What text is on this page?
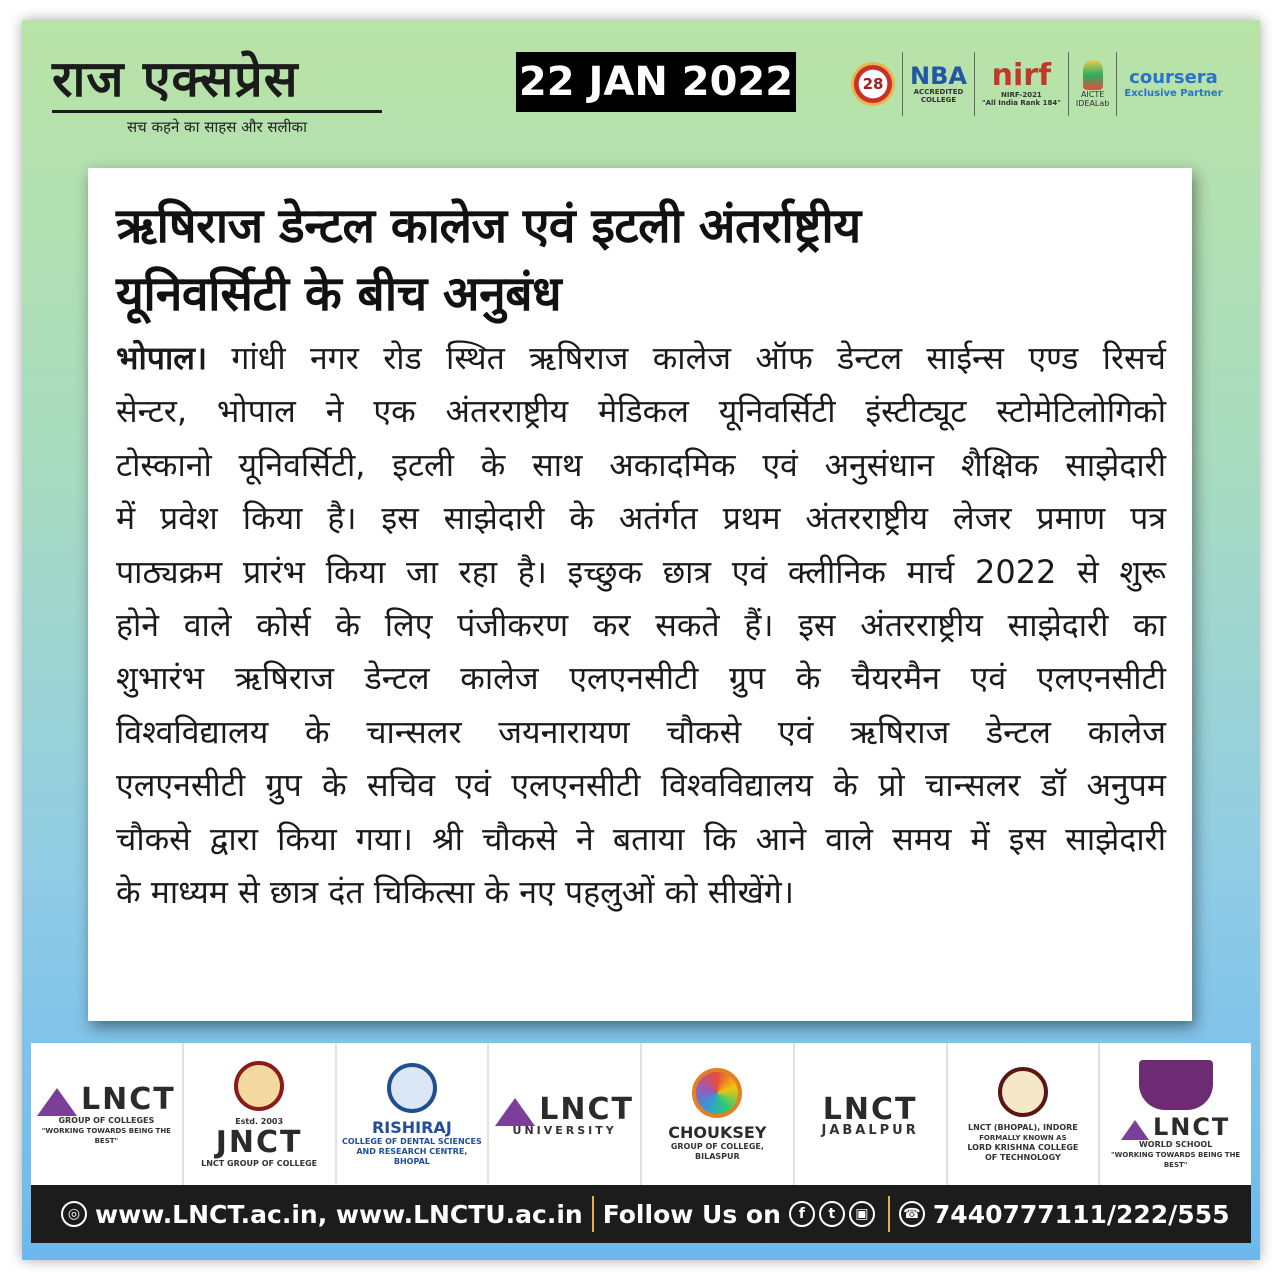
राज एक्सप्रेस
सच कहने का साहस और सलीका
22 JAN 2022	28	NBA
ACCREDITED
COLLEGE
nirf
NIRF-2021
"All India Rank 184"
AICTE
IDEALab
coursera
Exclusive Partner
ऋषिराज डेन्टल कालेज एवं इटली अंतर्राष्ट्रीय
यूनिवर्सिटी के बीच अनुबंध
भोपाल। गांधी नगर रोड स्थित ऋषिराज कालेज ऑफ डेन्टल साईन्स एण्ड रिसर्च
सेन्टर, भोपाल ने एक अंतरराष्ट्रीय मेडिकल यूनिवर्सिटी इंस्टीट्यूट स्टोमेटिलोगिको
टोस्कानो यूनिवर्सिटी, इटली के साथ अकादमिक एवं अनुसंधान शैक्षिक साझेदारी
में प्रवेश किया है। इस साझेदारी के अतंर्गत प्रथम अंतरराष्ट्रीय लेजर प्रमाण पत्र
पाठ्यक्रम प्रारंभ किया जा रहा है। इच्छुक छात्र एवं क्लीनिक मार्च 2022 से शुरू
होने वाले कोर्स के लिए पंजीकरण कर सकते हैं। इस अंतरराष्ट्रीय साझेदारी का
शुभारंभ ऋषिराज डेन्टल कालेज एलएनसीटी ग्रुप के चैयरमैन एवं एलएनसीटी
विश्वविद्यालय के चान्सलर जयनारायण चौकसे एवं ऋषिराज डेन्टल कालेज
एलएनसीटी ग्रुप के सचिव एवं एलएनसीटी विश्वविद्यालय के प्रो चान्सलर डॉ अनुपम
चौकसे द्वारा किया गया। श्री चौकसे ने बताया कि आने वाले समय में इस साझेदारी
के माध्यम से छात्र दंत चिकित्सा के नए पहलुओं को सीखेंगे।
LNCT
GROUP OF COLLEGES
"WORKING TOWARDS BEING THE BEST"
Estd. 2003
JNCT
LNCT GROUP OF COLLEGE
RISHIRAJ
COLLEGE OF DENTAL SCIENCES
AND RESEARCH CENTRE, BHOPAL
LNCT
UNIVERSITY	CHOUKSEY
GROUP OF COLLEGE,
BILASPUR
LNCT
JABALPUR	LNCT (BHOPAL), INDORE
FORMALLY KNOWN AS
LORD KRISHNA COLLEGE
OF TECHNOLOGY
LNCT
WORLD SCHOOL
"WORKING TOWARDS BEING THE BEST"
◎ www.LNCT.ac.in, www.LNCTU.ac.in Follow Us on	f	t	▣	☎ 7440777111/222/555
